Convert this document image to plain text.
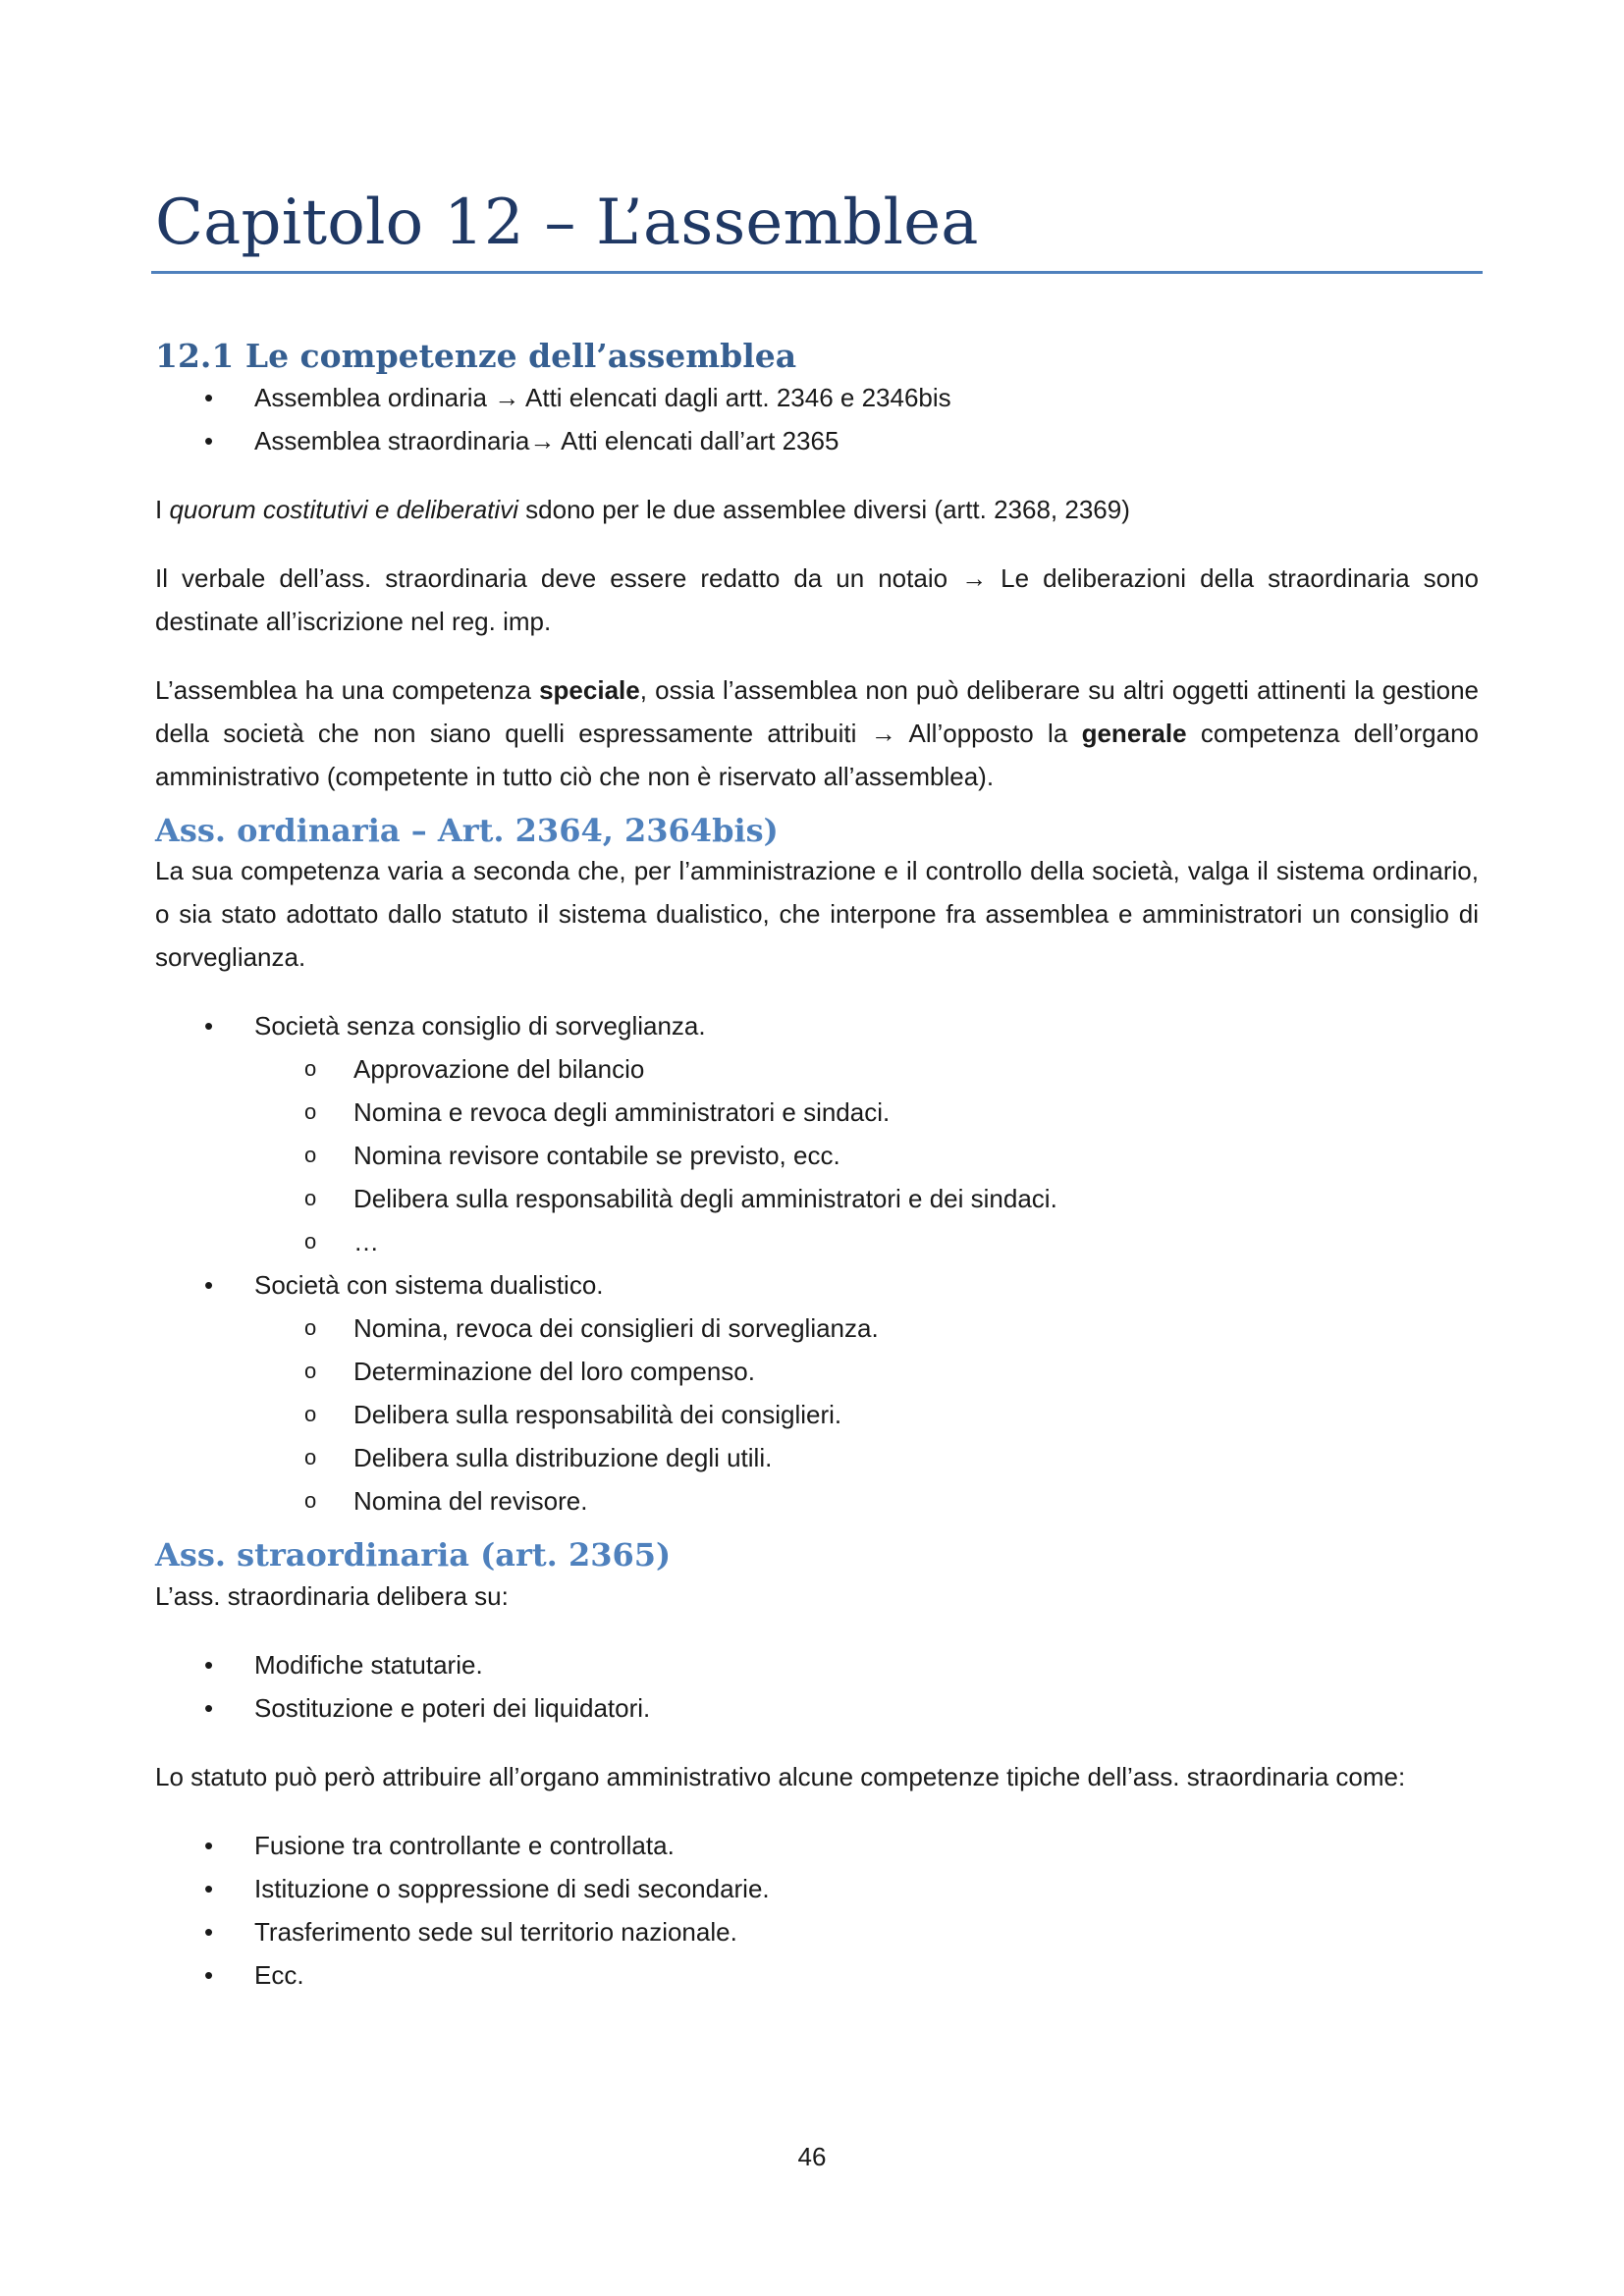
Capitolo 12 – L’assemblea
12.1 Le competenze dell’assemblea
• Assemblea ordinaria → Atti elencati dagli artt. 2346 e 2346bis
• Assemblea straordinaria→ Atti elencati dall’art 2365

I quorum costitutivi e deliberativi sdono per le due assemblee diversi (artt. 2368, 2369)

Il verbale dell’ass. straordinaria deve essere redatto da un notaio → Le deliberazioni della straordinaria sono destinate all’iscrizione nel reg. imp.

L’assemblea ha una competenza speciale, ossia l’assemblea non può deliberare su altri oggetti attinenti la gestione della società che non siano quelli espressamente attribuiti → All’opposto la generale competenza dell’organo amministrativo (competente in tutto ciò che non è riservato all’assemblea).

Ass. ordinaria – Art. 2364, 2364bis)

La sua competenza varia a seconda che, per l’amministrazione e il controllo della società, valga il sistema ordinario, o sia stato adottato dallo statuto il sistema dualistico, che interpone fra assemblea e amministratori un consiglio di sorveglianza.

• Società senza consiglio di sorveglianza.
o Approvazione del bilancio
o Nomina e revoca degli amministratori e sindaci.
o Nomina revisore contabile se previsto, ecc.
o Delibera sulla responsabilità degli amministratori e dei sindaci.
o …
• Società con sistema dualistico.
o Nomina, revoca dei consiglieri di sorveglianza.
o Determinazione del loro compenso.
o Delibera sulla responsabilità dei consiglieri.
o Delibera sulla distribuzione degli utili.
o Nomina del revisore.
Ass. straordinaria (art. 2365)

L’ass. straordinaria delibera su:

• Modifiche statutarie.
• Sostituzione e poteri dei liquidatori.

Lo statuto può però attribuire all’organo amministrativo alcune competenze tipiche dell’ass. straordinaria come:

• Fusione tra controllante e controllata.
• Istituzione o soppressione di sedi secondarie.
• Trasferimento sede sul territorio nazionale.
• Ecc.
46
